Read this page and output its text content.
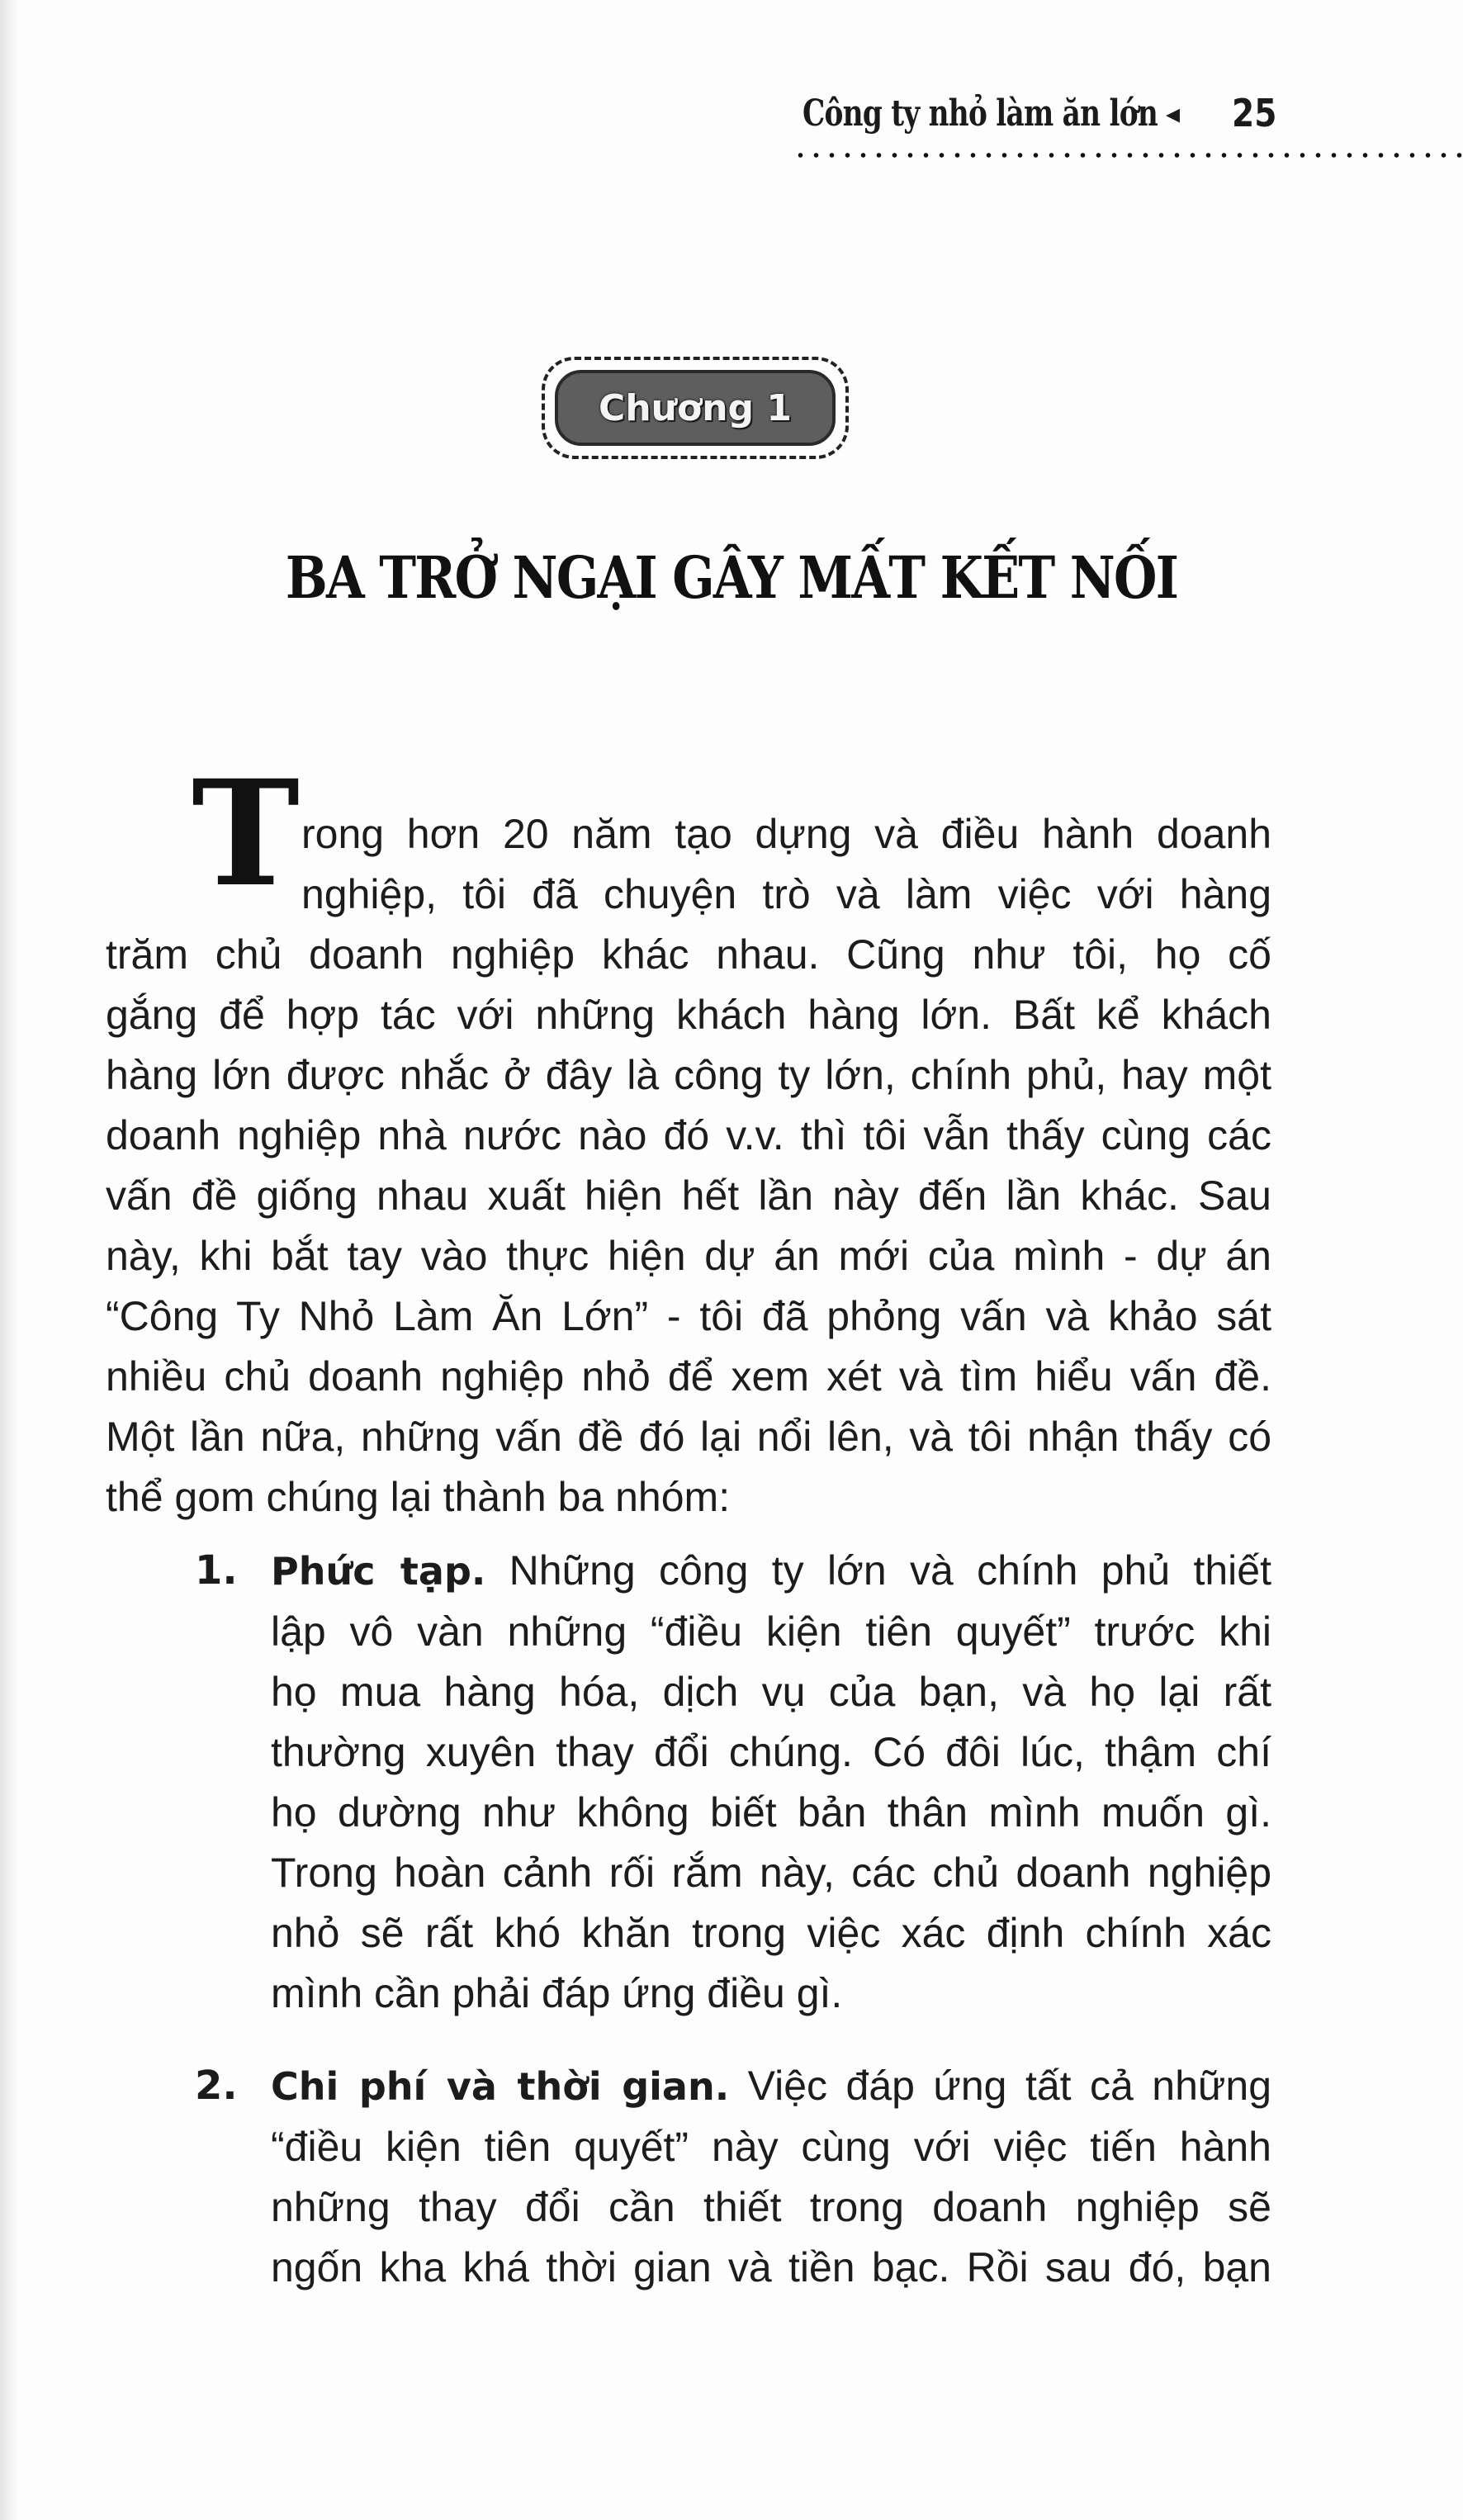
Công ty nhỏ làm ăn lớn ◂ 25
Chương 1
BA TRỞ NGẠI GÂY MẤT KẾT NỐI
T rong hơn 20 năm tạo dựng và điều hành doanh
nghiệp, tôi đã chuyện trò và làm việc với hàng
trăm chủ doanh nghiệp khác nhau. Cũng như tôi, họ cố
gắng để hợp tác với những khách hàng lớn. Bất kể khách
hàng lớn được nhắc ở đây là công ty lớn, chính phủ, hay một
doanh nghiệp nhà nước nào đó v.v. thì tôi vẫn thấy cùng các
vấn đề giống nhau xuất hiện hết lần này đến lần khác. Sau
này, khi bắt tay vào thực hiện dự án mới của mình - dự án
“Công Ty Nhỏ Làm Ăn Lớn” - tôi đã phỏng vấn và khảo sát
nhiều chủ doanh nghiệp nhỏ để xem xét và tìm hiểu vấn đề.
Một lần nữa, những vấn đề đó lại nổi lên, và tôi nhận thấy có
thể gom chúng lại thành ba nhóm:
1. Phức tạp. Những công ty lớn và chính phủ thiết
lập vô vàn những “điều kiện tiên quyết” trước khi
họ mua hàng hóa, dịch vụ của bạn, và họ lại rất
thường xuyên thay đổi chúng. Có đôi lúc, thậm chí
họ dường như không biết bản thân mình muốn gì.
Trong hoàn cảnh rối rắm này, các chủ doanh nghiệp
nhỏ sẽ rất khó khăn trong việc xác định chính xác
mình cần phải đáp ứng điều gì.
2. Chi phí và thời gian. Việc đáp ứng tất cả những
“điều kiện tiên quyết” này cùng với việc tiến hành
những thay đổi cần thiết trong doanh nghiệp sẽ
ngốn kha khá thời gian và tiền bạc. Rồi sau đó, bạn
